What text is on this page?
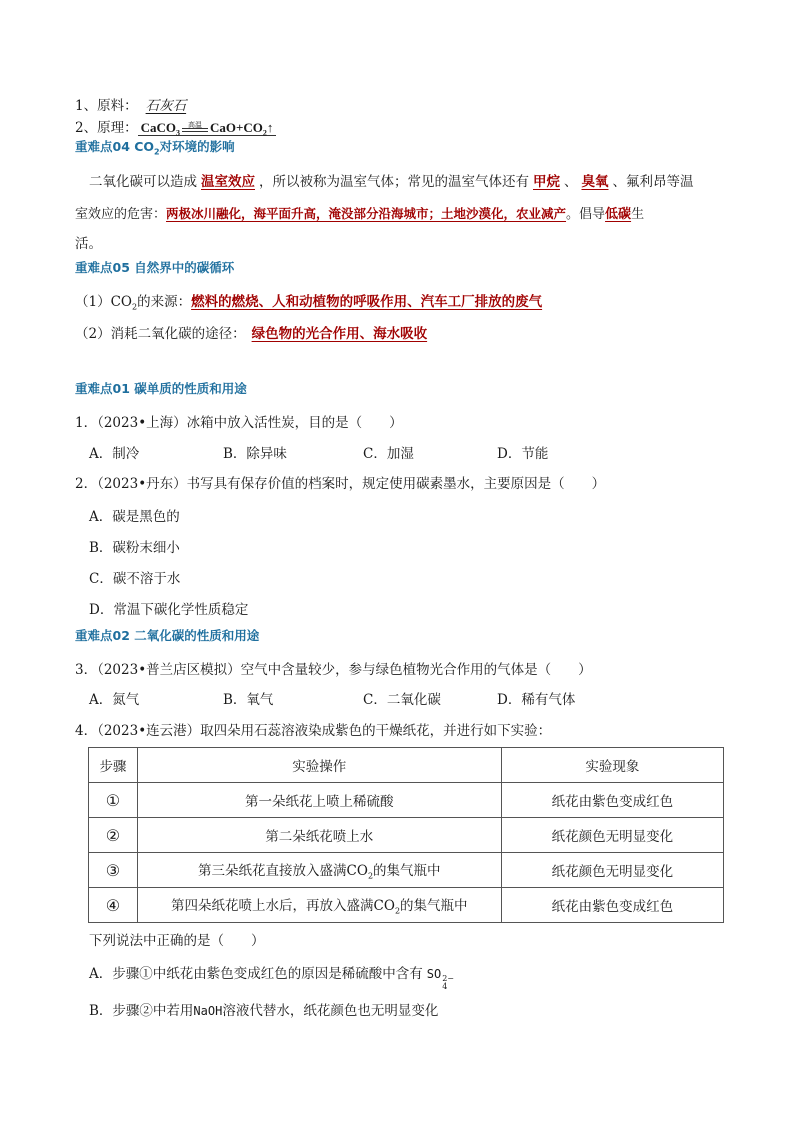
1、原料： 石灰石
2、原理： CaCO$_3$
高温 $CaO+CO_2↑$
重难点04 $CO_2$对环境的影响
二氧化碳可以造成 温室效应 ，所以被称为温室气体；常见的温室气体还有 甲烷 、 臭氧 、氟利昂等温
室效应的危害：两极冰川融化，海平面升高，淹没部分沿海城市；土地沙漠化，农业减产。倡导低碳生
活。
重难点05 自然界中的碳循环
$(1)CO_2$的来源：燃料的燃烧、人和动植物的呼吸作用、汽车工厂排放的废气
（2）消耗二氧化碳的途径： 绿色物的光合作用、海水吸收
重难点01 碳单质的性质和用途
1．（2023•上海）冰箱中放入活性炭，目的是（　　）
A．制冷	B．除异味	C．加湿	D．节能
2．（2023•丹东）书写具有保存价值的档案时，规定使用碳素墨水，主要原因是（　　）
A．碳是黑色的
B．碳粉末细小
C．碳不溶于水
D．常温下碳化学性质稳定
重难点02 二氧化碳的性质和用途
3．（2023•普兰店区模拟）空气中含量较少，参与绿色植物光合作用的气体是（　　）
A．氮气	B．氧气	C．二氧化碳	D．稀有气体
4．（2023•连云港）取四朵用石蕊溶液染成紫色的干燥纸花，并进行如下实验：
步骤	实验操作	实验现象
①	第一朵纸花上喷上稀硫酸	纸花由紫色变成红色
②	第二朵纸花喷上水	纸花颜色无明显变化
③	第三朵纸花直接放入盛满$CO_2$的集气瓶中	纸花颜色无明显变化
④	第四朵纸花喷上水后，再放入盛满$CO_2$的集气瓶中	纸花由紫色变成红色
下列说法中正确的是（　　）
A．步骤①中纸花由紫色变成红色的原因是稀硫酸中含有 SO 2−
4
B．步骤②中若用NaOH溶液代替水，纸花颜色也无明显变化
